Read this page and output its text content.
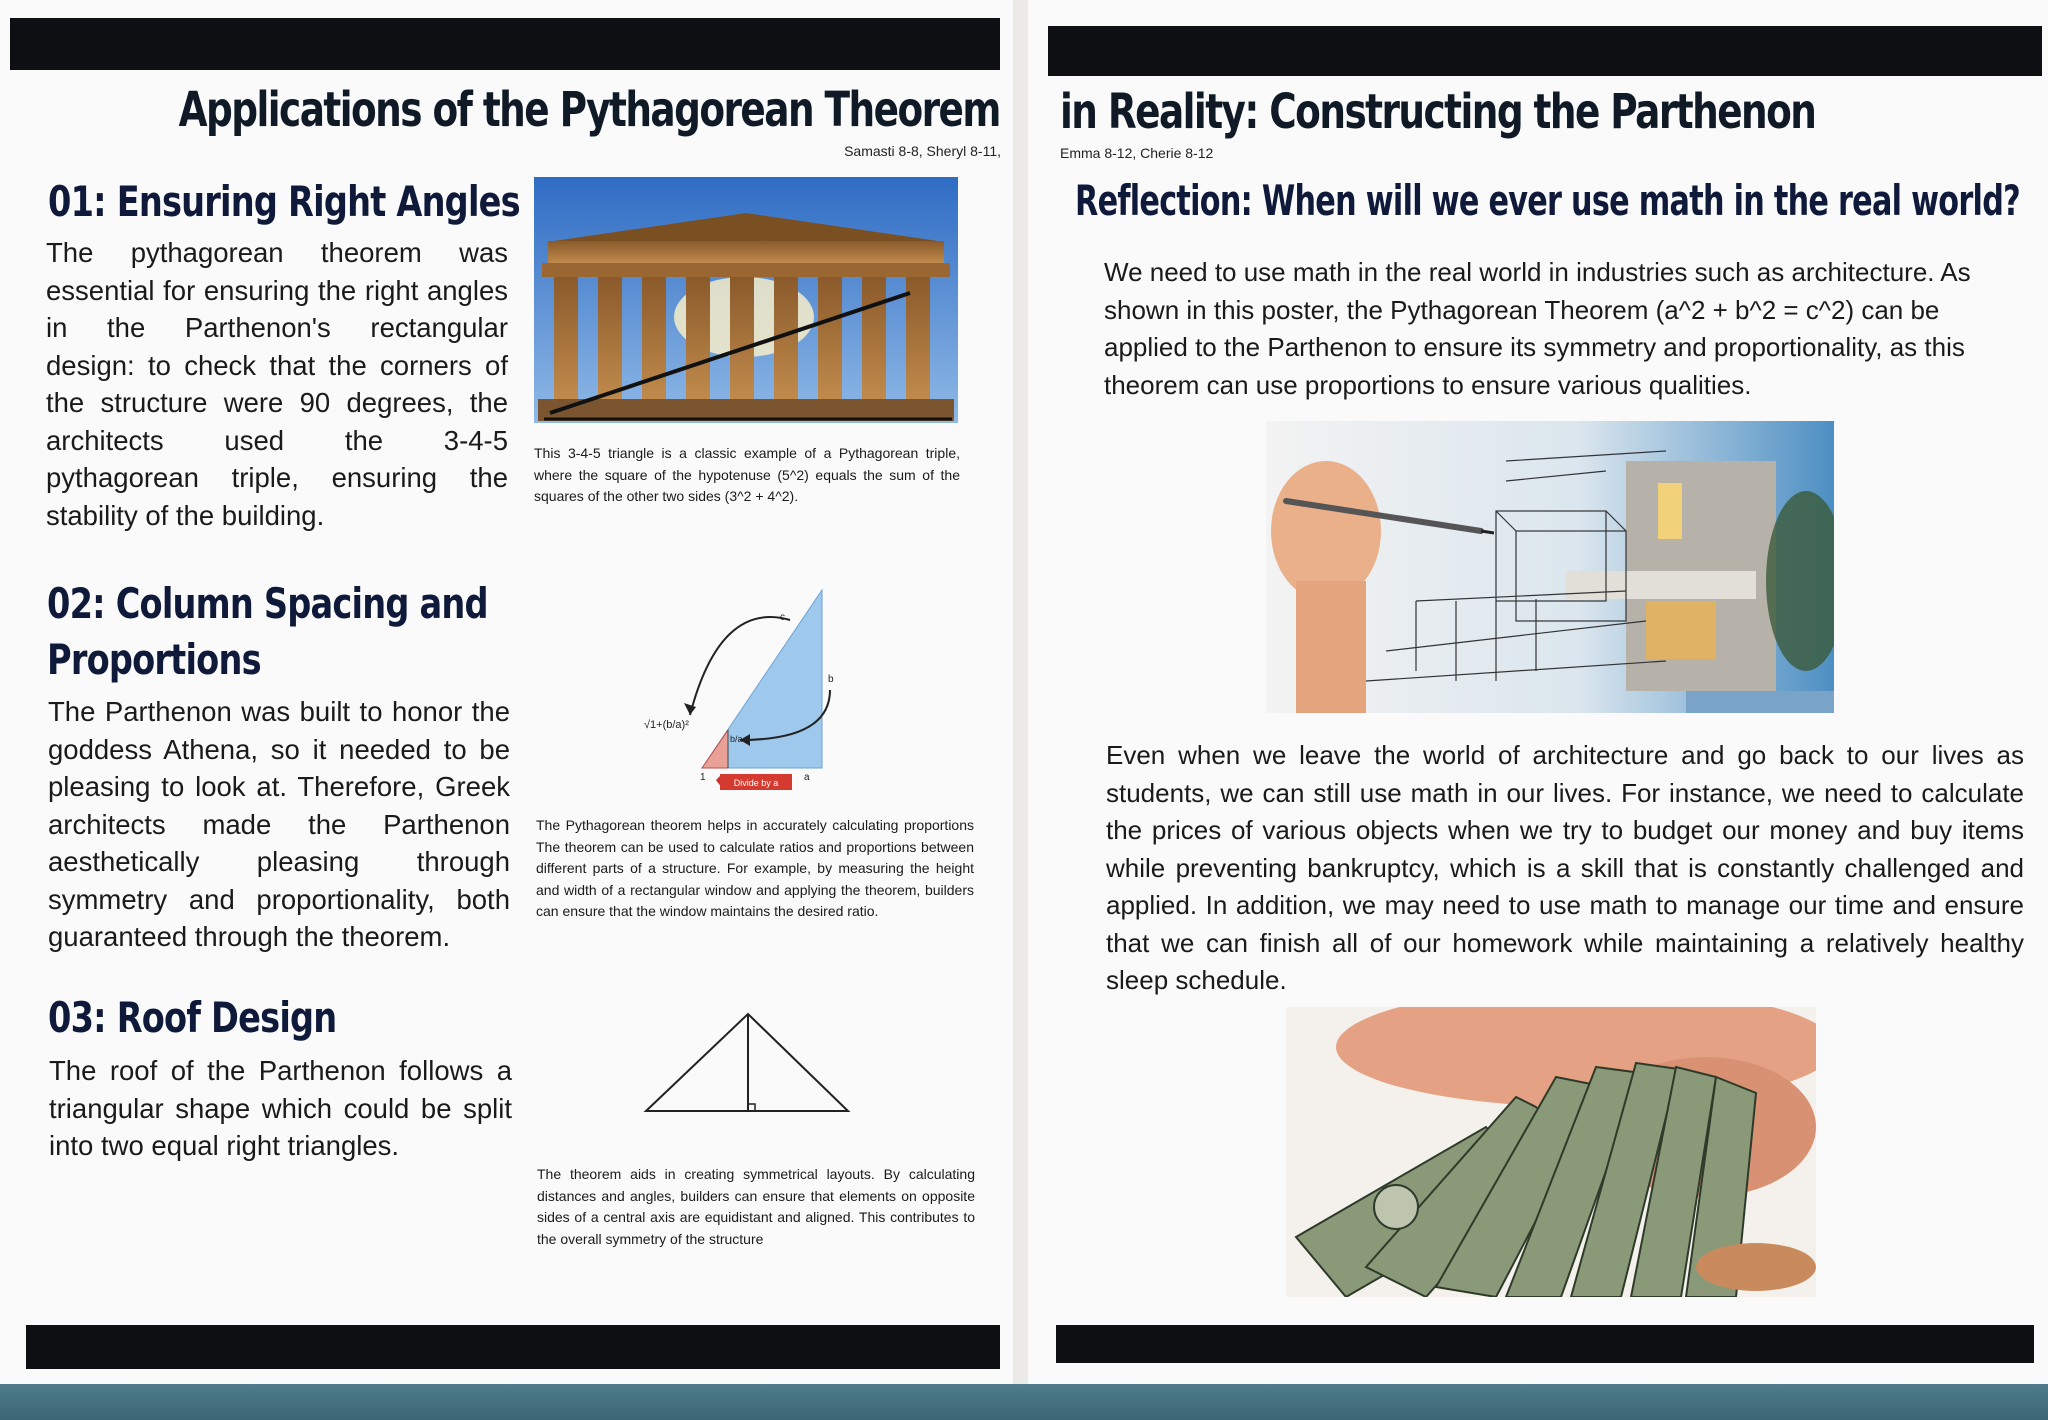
Applications of the Pythagorean Theorem
Samasti 8-8, Sheryl 8-11,
01: Ensuring Right Angles

The pythagorean theorem was essential for ensuring the right angles in the Parthenon's rectangular design: to check that the corners of the structure were 90 degrees, the architects used the 3-4-5 pythagorean triple, ensuring the stability of the building.

This 3-4-5 triangle is a classic example of a Pythagorean triple, where the square of the hypotenuse (5^2) equals the sum of the squares of the other two sides (3^2 + 4^2).

02: Column Spacing and
Proportions

The Parthenon was built to honor the goddess Athena, so it needed to be pleasing to look at. Therefore, Greek architects made the Parthenon aesthetically pleasing through symmetry and proportionality, both guaranteed through the theorem.

c
b
a
1
√1+(b/a)²
b/a
Divide by a

The Pythagorean theorem helps in accurately calculating proportions The theorem can be used to calculate ratios and proportions between different parts of a structure. For example, by measuring the height and width of a rectangular window and applying the theorem, builders can ensure that the window maintains the desired ratio.

03: Roof Design

The roof of the Parthenon follows a triangular shape which could be split into two equal right triangles.

The theorem aids in creating symmetrical layouts. By calculating distances and angles, builders can ensure that elements on opposite sides of a central axis are equidistant and aligned. This contributes to the overall symmetry of the structure

in Reality: Constructing the Parthenon
Emma 8-12, Cherie 8-12
Reflection: When will we ever use math in the real world?

We need to use math in the real world in industries such as architecture. As shown in this poster, the Pythagorean Theorem (a^2 + b^2 = c^2) can be applied to the Parthenon to ensure its symmetry and proportionality, as this theorem can use proportions to ensure various qualities.

Even when we leave the world of architecture and go back to our lives as students, we can still use math in our lives. For instance, we need to calculate the prices of various objects when we try to budget our money and buy items while preventing bankruptcy, which is a skill that is constantly challenged and applied. In addition, we may need to use math to manage our time and ensure that we can finish all of our homework while maintaining a relatively healthy sleep schedule.
